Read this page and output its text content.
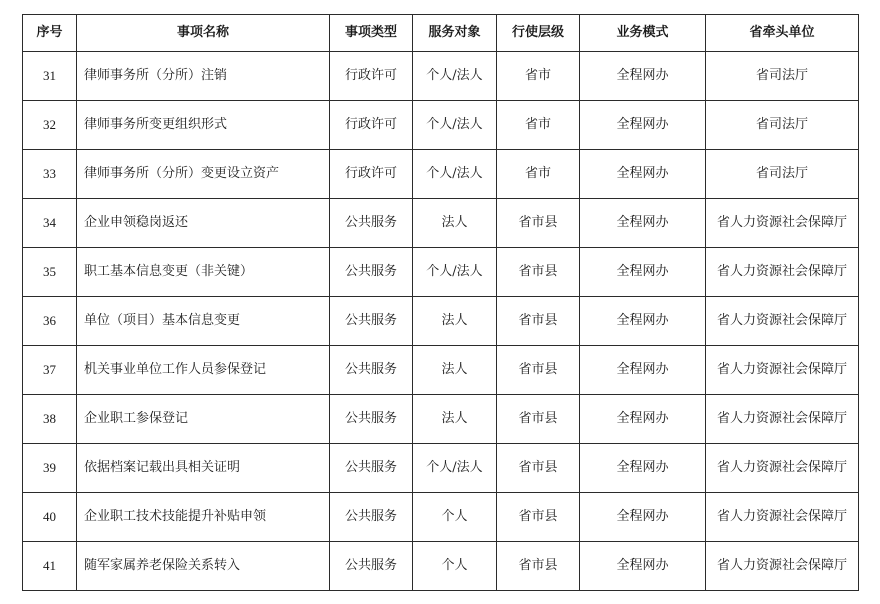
序号	事项名称	事项类型	服务对象	行使层级	业务模式	省牵头单位
31	律师事务所（分所）注销	行政许可	个人/法人	省市	全程网办	省司法厅
32	律师事务所变更组织形式	行政许可	个人/法人	省市	全程网办	省司法厅
33	律师事务所（分所）变更设立资产	行政许可	个人/法人	省市	全程网办	省司法厅
34	企业申领稳岗返还	公共服务	法人	省市县	全程网办	省人力资源社会保障厅
35	职工基本信息变更（非关键）	公共服务	个人/法人	省市县	全程网办	省人力资源社会保障厅
36	单位（项目）基本信息变更	公共服务	法人	省市县	全程网办	省人力资源社会保障厅
37	机关事业单位工作人员参保登记	公共服务	法人	省市县	全程网办	省人力资源社会保障厅
38	企业职工参保登记	公共服务	法人	省市县	全程网办	省人力资源社会保障厅
39	依据档案记载出具相关证明	公共服务	个人/法人	省市县	全程网办	省人力资源社会保障厅
40	企业职工技术技能提升补贴申领	公共服务	个人	省市县	全程网办	省人力资源社会保障厅
41	随军家属养老保险关系转入	公共服务	个人	省市县	全程网办	省人力资源社会保障厅
